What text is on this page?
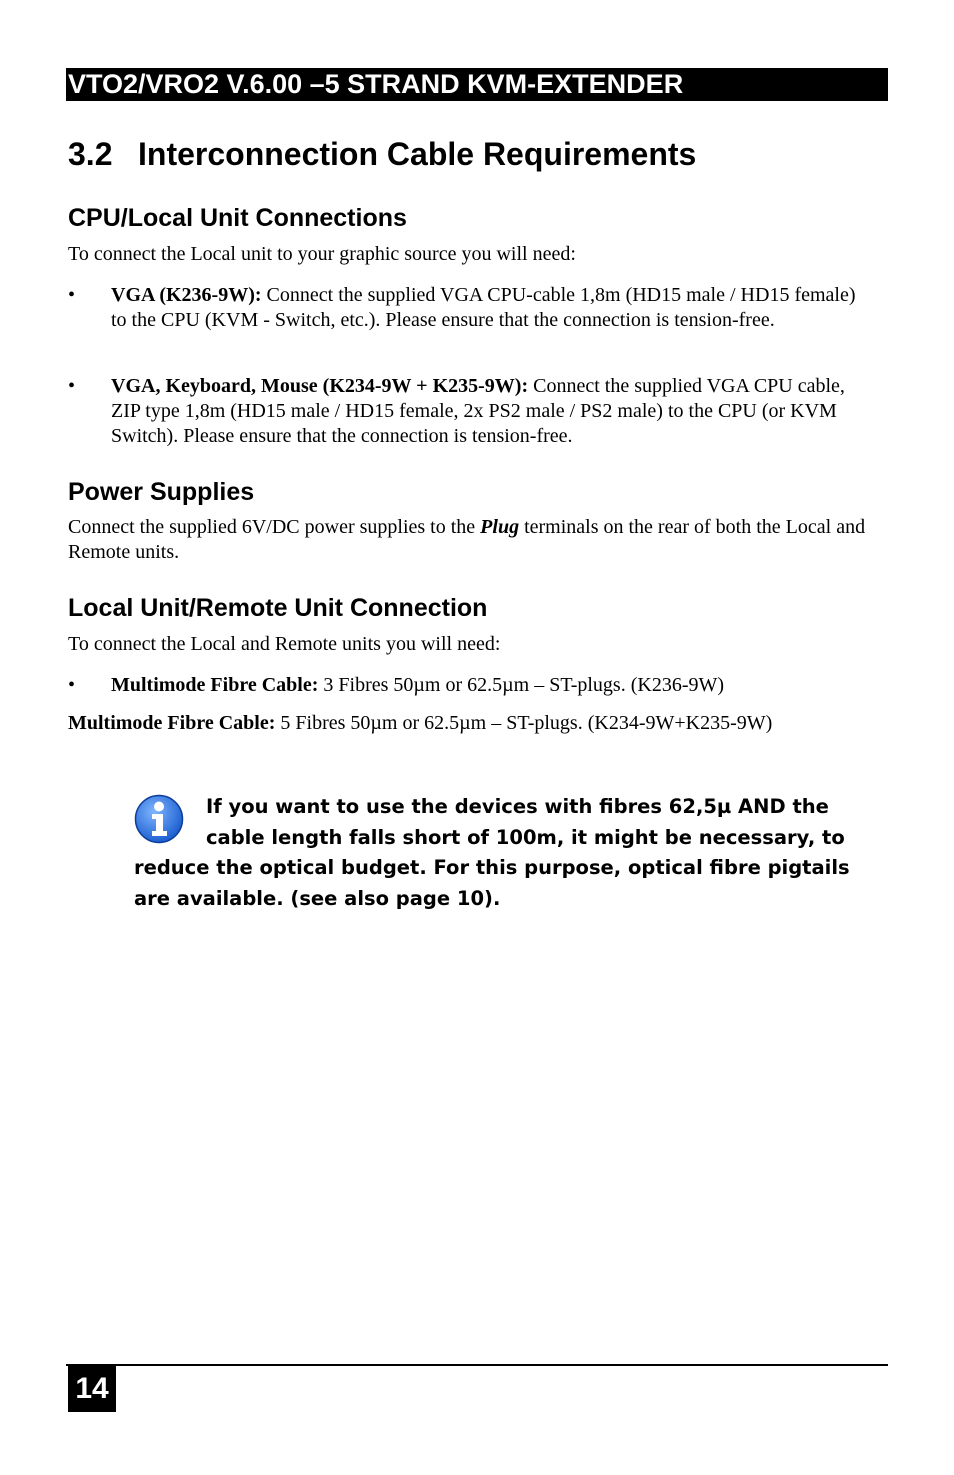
VTO2/VRO2 V.6.00 –5 STRAND KVM-EXTENDER
3.2 Interconnection Cable Requirements
CPU/Local Unit Connections
To connect the Local unit to your graphic source you will need:
• VGA (K236-9W): Connect the supplied VGA CPU-cable 1,8m (HD15 male / HD15 female) to the CPU (KVM - Switch, etc.). Please ensure that the connection is tension-free.
• VGA, Keyboard, Mouse (K234-9W + K235-9W): Connect the supplied VGA CPU cable, ZIP type 1,8m (HD15 male / HD15 female, 2x PS2 male / PS2 male) to the CPU (or KVM Switch). Please ensure that the connection is tension-free.
Power Supplies
Connect the supplied 6V/DC power supplies to the Plug terminals on the rear of both the Local and Remote units.
Local Unit/Remote Unit Connection
To connect the Local and Remote units you will need:
• Multimode Fibre Cable: 3 Fibres 50µm or 62.5µm – ST-plugs. (K236-9W)
Multimode Fibre Cable: 5 Fibres 50µm or 62.5µm – ST-plugs. (K234-9W+K235-9W)
If you want to use the devices with fibres 62,5µ AND the cable length falls short of 100m, it might be necessary, to reduce the optical budget. For this purpose, optical fibre pigtails are available. (see also page 10).
14
